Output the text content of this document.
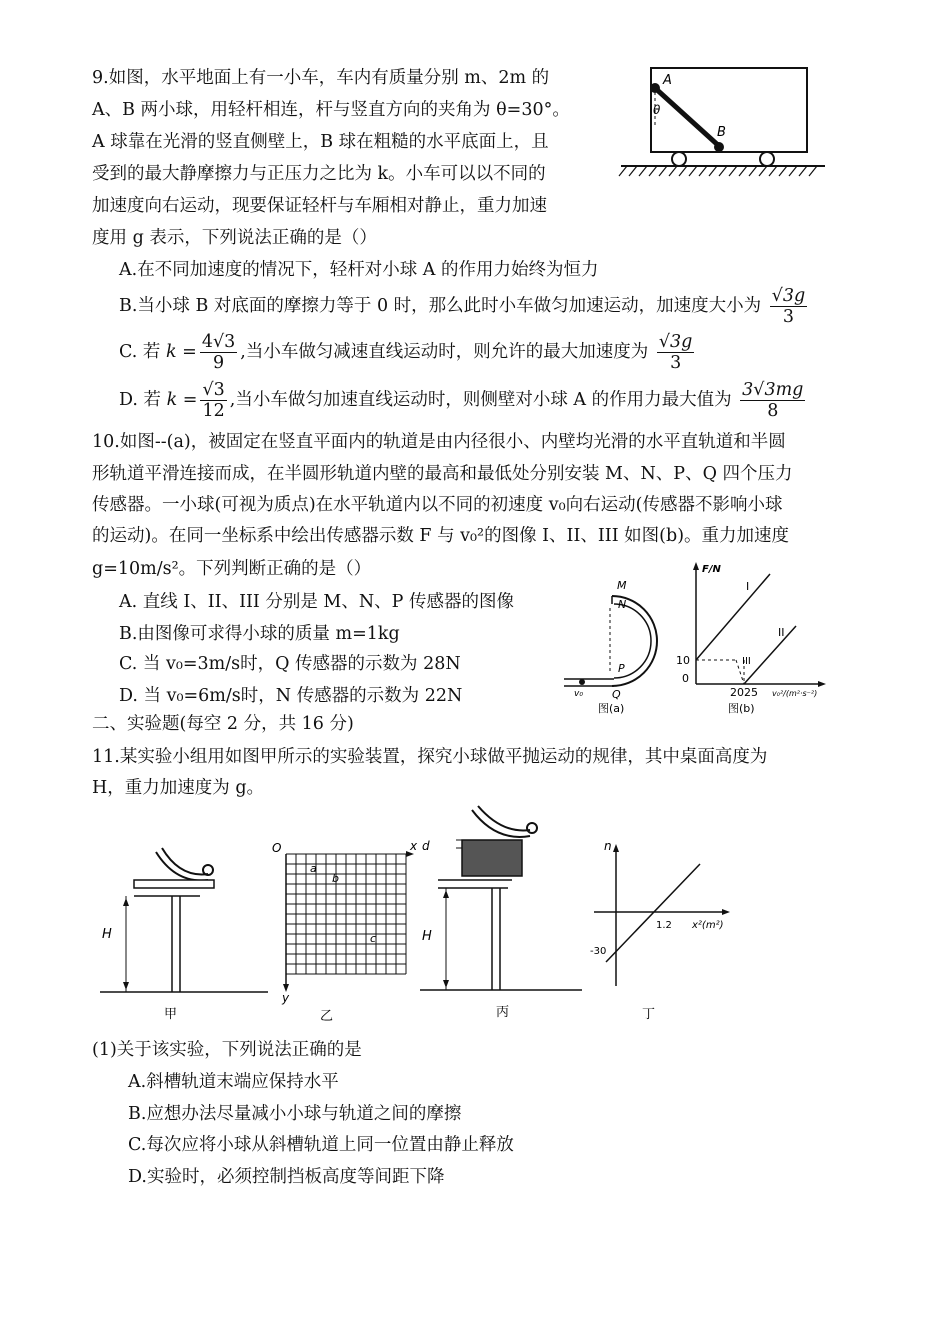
9.如图，水平地面上有一小车，车内有质量分别 m、2m 的
A、B 两小球，用轻杆相连，杆与竖直方向的夹角为 θ=30°。
A 球靠在光滑的竖直侧壁上，B 球在粗糙的水平底面上，且
受到的最大静摩擦力与正压力之比为 k。小车可以以不同的
加速度向右运动，现要保证轻杆与车厢相对静止，重力加速
度用 g 表示，下列说法正确的是（）
A
B
θ
A.在不同加速度的情况下，轻杆对小球 A 的作用力始终为恒力
B.当小球 B 对底面的摩擦力等于 0 时，那么此时小车做匀加速运动，加速度大小为 $\frac{√3g}{3}$
C. 若 $k = \frac{4√3}{9}$ ,当小车做匀减速直线运动时，则允许的最大加速度为 $\frac{√3g}{3}$
D. 若 $k = \frac{√3}{12}$ ,当小车做匀加速直线运动时，则侧壁对小球 A 的作用力最大值为 $\frac{3√3mg}{8}$
10.如图--(a)，被固定在竖直平面内的轨道是由内径很小、内壁均光滑的水平直轨道和半圆
形轨道平滑连接而成，在半圆形轨道内壁的最高和最低处分别安装 M、N、P、Q 四个压力
传感器。一小球(可视为质点)在水平轨道内以不同的初速度 v₀向右运动(传感器不影响小球
的运动)。在同一坐标系中绘出传感器示数 F 与 v₀²的图像 I、II、III 如图(b)。重力加速度
g=10m/s²。下列判断正确的是（）
A. 直线 I、II、III 分别是 M、N、P 传感器的图像
B.由图像可求得小球的质量 m=1kg
C. 当 v₀=3m/s时，Q 传感器的示数为 28N
D. 当 v₀=6m/s时，N 传感器的示数为 22N
M
N
P
Q
v₀
图(a)
F/N
10
0
2025 v₀²/(m²·s⁻²)
I
II
III
图(b)
二、实验题(每空 2 分，共 16 分)
11.某实验小组用如图甲所示的实验装置，探究小球做平抛运动的规律，其中桌面高度为
H，重力加速度为 g。
H
甲
O	x
y
a
b
c
乙
d
H
丙
n
x²(m²)
1.2
-30
丁
(1)关于该实验，下列说法正确的是
A.斜槽轨道末端应保持水平
B.应想办法尽量减小小球与轨道之间的摩擦
C.每次应将小球从斜槽轨道上同一位置由静止释放
D.实验时，必须控制挡板高度等间距下降
